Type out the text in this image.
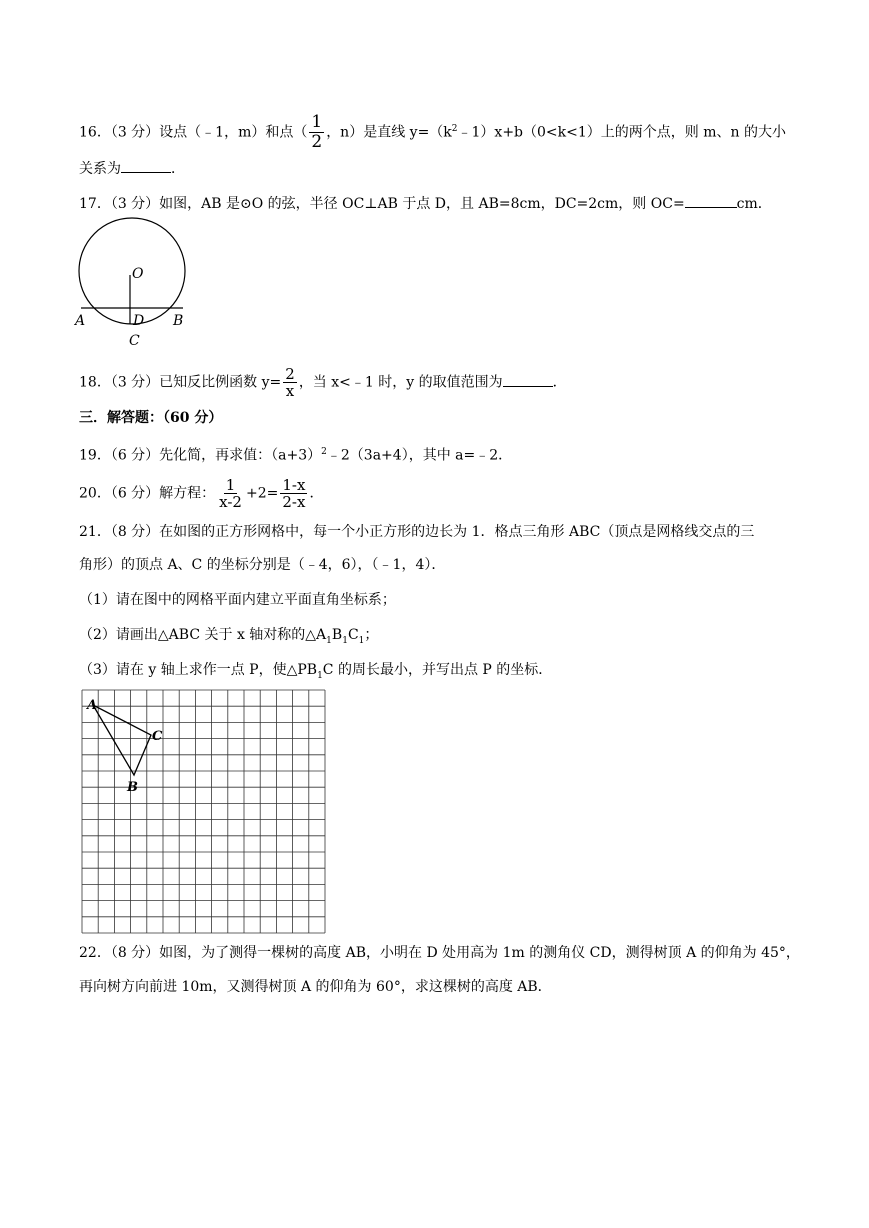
16．（3 分）设点（﹣1，m）和点（ $\frac{1}{2}$ ，n）是直线 $y=(k^2﹣1)x+b(0<k<1)$上的两个点，则 m、n 的大小
关系为	．
17．（3 分）如图，AB 是⊙O 的弦，半径 OC⊥AB 于点 D，且 AB=8cm，DC=2cm，则 OC=	cm．
O
A	D B
C
18．（3 分）已知反比例函数 $y= \frac{2}{x}$ ，当 x<﹣1 时，y 的取值范围为	．
三．解答题：（60 分）
19．（6 分）先化简，再求值：$(a+3)^2﹣2(3a+4)$，其中 a=﹣2．
20．（6 分）解方程： $\frac{1}{x-2} +2= \frac{1-x}{2-x}$ ．
21．（8 分）在如图的正方形网格中，每一个小正方形的边长为 1．格点三角形 ABC（顶点是网格线交点的三
角形）的顶点 A、C 的坐标分别是（﹣4，6），（﹣1，4）．
（1）请在图中的网格平面内建立平面直角坐标系；
（2）请画出△ABC 关于 x 轴对称的$\triangle A_1B_1C_1$；
（3）请在 y 轴上求作一点 P，使$\triangle PB_1C$ 的周长最小，并写出点 P 的坐标．
A
B
C
22．（8 分）如图，为了测得一棵树的高度 AB，小明在 D 处用高为 1m 的测角仪 CD，测得树顶 A 的仰角为 45°，
再向树方向前进 10m，又测得树顶 A 的仰角为 60°，求这棵树的高度 AB．
